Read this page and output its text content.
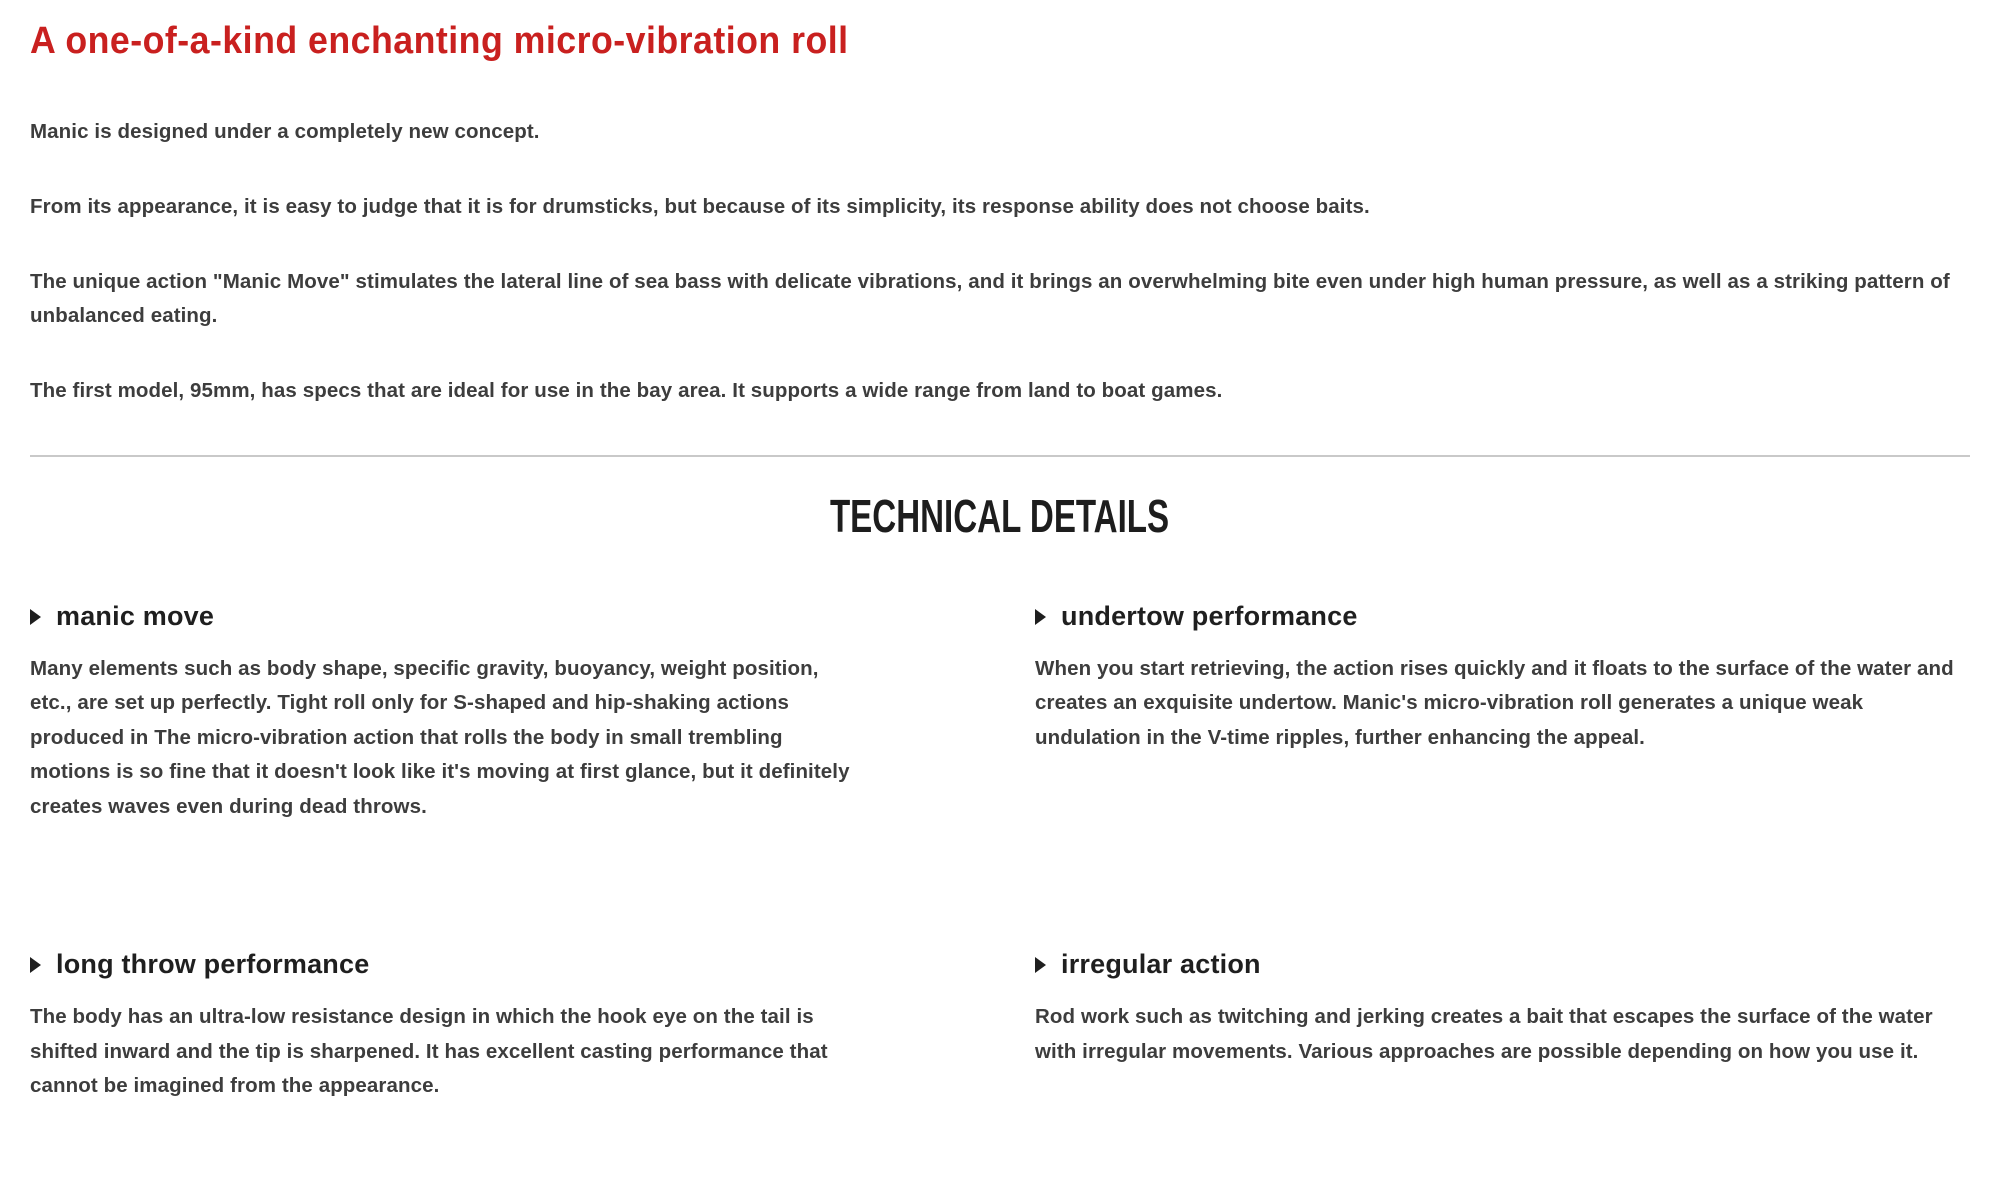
A one-of-a-kind enchanting micro-vibration roll

Manic is designed under a completely new concept.

From its appearance, it is easy to judge that it is for drumsticks, but because of its simplicity, its response ability does not choose baits.

The unique action "Manic Move" stimulates the lateral line of sea bass with delicate vibrations, and it brings an overwhelming bite even under high human pressure, as well as a striking pattern of unbalanced eating.

The first model, 95mm, has specs that are ideal for use in the bay area. It supports a wide range from land to boat games.

TECHNICAL DETAILS
manic move

Many elements such as body shape, specific gravity, buoyancy, weight position, etc., are set up perfectly. Tight roll only for S-shaped and hip-shaking actions produced in The micro-vibration action that rolls the body in small trembling motions is so fine that it doesn't look like it's moving at first glance, but it definitely creates waves even during dead throws.

undertow performance

When you start retrieving, the action rises quickly and it floats to the surface of the water and creates an exquisite undertow. Manic's micro-vibration roll generates a unique weak undulation in the V-time ripples, further enhancing the appeal.

long throw performance

The body has an ultra-low resistance design in which the hook eye on the tail is shifted inward and the tip is sharpened. It has excellent casting performance that cannot be imagined from the appearance.

irregular action

Rod work such as twitching and jerking creates a bait that escapes the surface of the water with irregular movements. Various approaches are possible depending on how you use it.
